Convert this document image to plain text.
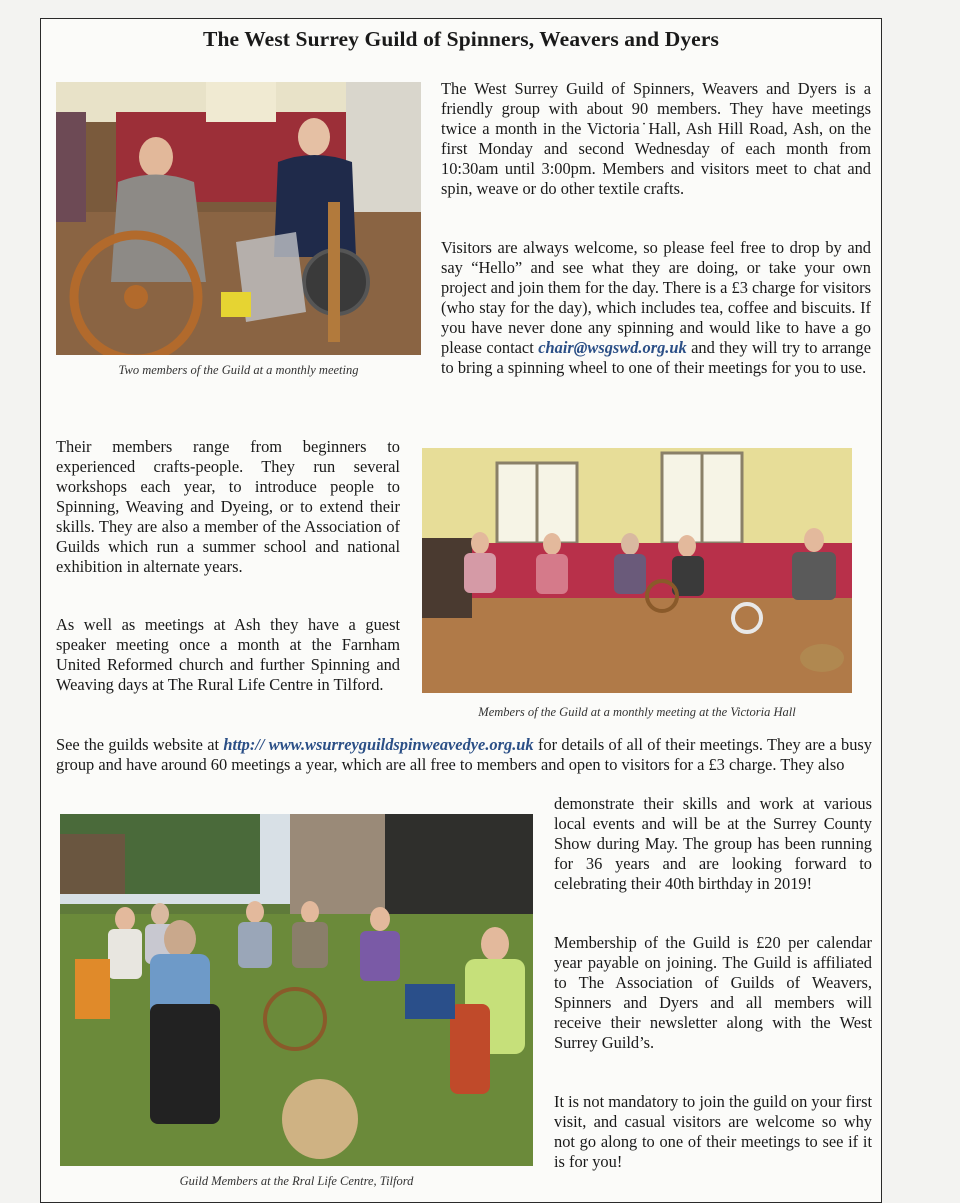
The West Surrey Guild of Spinners, Weavers and Dyers
Two members of the Guild at a monthly meeting

The West Surrey Guild of Spinners, Weavers and Dyers is a friendly group with about 90 members. They have meetings twice a month in the Victoria˙Hall, Ash Hill Road, Ash, on the first Monday and second Wednesday of each month from 10:30am until 3:00pm. Members and visitors meet to chat and spin, weave or do other textile crafts.

Visitors are always welcome, so please feel free to drop by and say “Hello” and see what they are doing, or take your own project and join them for the day. There is a £3 charge for visitors (who stay for the day), which includes tea, coffee and biscuits. If you have never done any spinning and would like to have a go please contact chair@wsgswd.org.uk and they will try to arrange to bring a spinning wheel to one of their meetings for you to use.

Their members range from beginners to experienced crafts-people. They run several workshops each year, to introduce people to Spinning, Weaving and Dyeing, or to extend their skills. They are also a member of the Association of Guilds which run a summer school and national exhibition in alternate years.

Members of the Guild at a monthly meeting at the Victoria Hall

As well as meetings at Ash they have a guest speaker meeting once a month at the Farnham United Reformed church and further Spinning and Weaving days at The Rural Life Centre in Tilford.

See the guilds website at http:// www.wsurreyguildspinweavedye.org.uk for details of all of their meetings. They are a busy group and have around 60 meetings a year, which are all free to members and open to visitors for a £3 charge. They also

Guild Members at the Rral Life Centre, Tilford

demonstrate their skills and work at various local events and will be at the Surrey County Show during May. The group has been running for 36 years and are looking forward to celebrating their 40th birthday in 2019!

Membership of the Guild is £20 per calendar year payable on joining. The Guild is affiliated to The Association of Guilds of Weavers, Spinners and Dyers and all members will receive their newsletter along with the West Surrey Guild’s.

It is not mandatory to join the guild on your first visit, and casual visitors are welcome so why not go along to one of their meetings to see if it is for you!
